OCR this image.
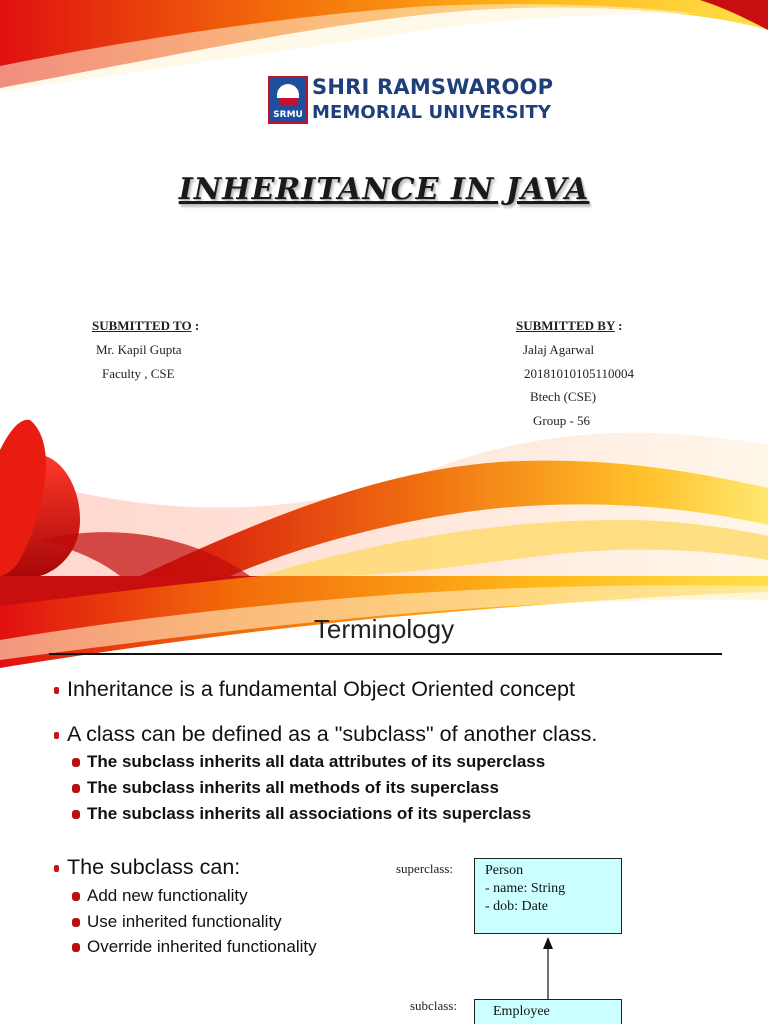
SRMU
SHRI RAMSWAROOP
MEMORIAL UNIVERSITY
INHERITANCE IN JAVA
SUBMITTED TO :
Mr. Kapil Gupta
Faculty , CSE
SUBMITTED BY :
Jalaj Agarwal
20181010105110004
Btech (CSE)
Group - 56
Terminology
Inheritance is a fundamental Object Oriented concept
A class can be defined as a "subclass" of another class.
The subclass inherits all data attributes of its superclass
The subclass inherits all methods of its superclass
The subclass inherits all associations of its superclass
The subclass can:
Add new functionality
Use inherited functionality
Override inherited functionality
superclass: Person
- name: String
- dob: Date
subclass:	Employee
